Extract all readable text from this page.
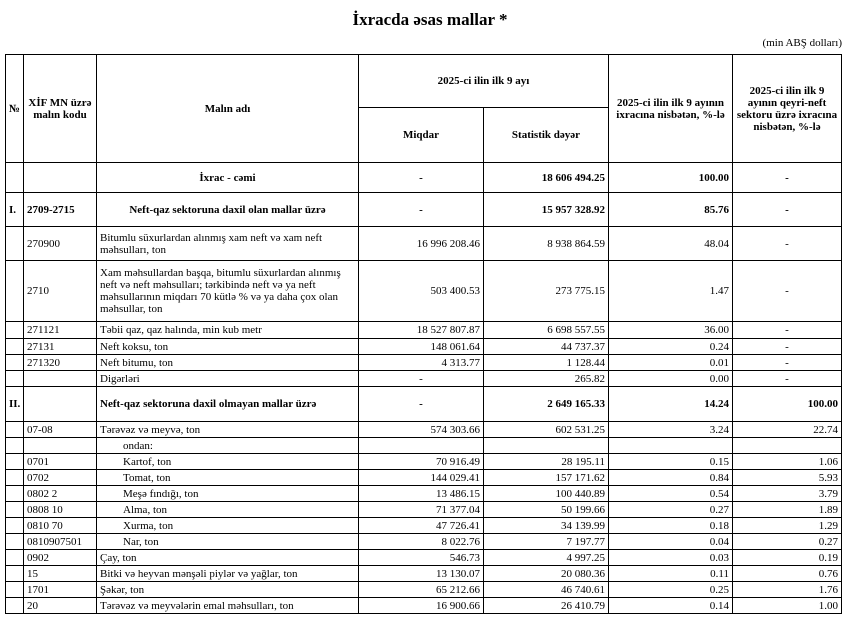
İxracda əsas mallar *
(min ABŞ dolları)
№	XİF MN üzrə malın kodu	Malın adı	2025-ci ilin ilk 9 ayı		2025-ci ilin ilk 9 ayının ixracına nisbətən, %-lə	2025-ci ilin ilk 9 ayının qeyri-neft sektoru üzrə ixracına nisbətən, %-lə
			Miqdar	Statistik dəyər		
		İxrac - cəmi	-	18 606 494.25	100.00	-
I.	2709-2715	Neft-qaz sektoruna daxil olan mallar üzrə	-	15 957 328.92	85.76	-
	270900	Bitumlu süxurlardan alınmış xam neft və xam neft məhsulları, ton	16 996 208.46	8 938 864.59	48.04	-
	2710	Xam məhsullardan başqa, bitumlu süxurlardan alınmış neft və neft məhsulları; tərkibində neft və ya neft məhsullarının miqdarı 70 kütlə % və ya daha çox olan məhsullar, ton	503 400.53	273 775.15	1.47	-
	271121	Təbii qaz, qaz halında, min kub metr	18 527 807.87	6 698 557.55	36.00	-
	27131	Neft koksu, ton	148 061.64	44 737.37	0.24	-
	271320	Neft bitumu, ton	4 313.77	1 128.44	0.01	-
		Digərləri	-	265.82	0.00	-
II.		Neft-qaz sektoruna daxil olmayan mallar üzrə	-	2 649 165.33	14.24	100.00
	07-08	Tərəvəz və meyvə, ton	574 303.66	602 531.25	3.24	22.74
		ondan:				
	0701	Kartof, ton	70 916.49	28 195.11	0.15	1.06
	0702	Tomat, ton	144 029.41	157 171.62	0.84	5.93
	0802 2	Meşə fındığı, ton	13 486.15	100 440.89	0.54	3.79
	0808 10	Alma, ton	71 377.04	50 199.66	0.27	1.89
	0810 70	Xurma, ton	47 726.41	34 139.99	0.18	1.29
	0810907501	Nar, ton	8 022.76	7 197.77	0.04	0.27
	0902	Çay, ton	546.73	4 997.25	0.03	0.19
	15	Bitki və heyvan mənşəli piylər və yağlar, ton	13 130.07	20 080.36	0.11	0.76
	1701	Şəkər, ton	65 212.66	46 740.61	0.25	1.76
	20	Tərəvəz və meyvələrin emal məhsulları, ton	16 900.66	26 410.79	0.14	1.00
